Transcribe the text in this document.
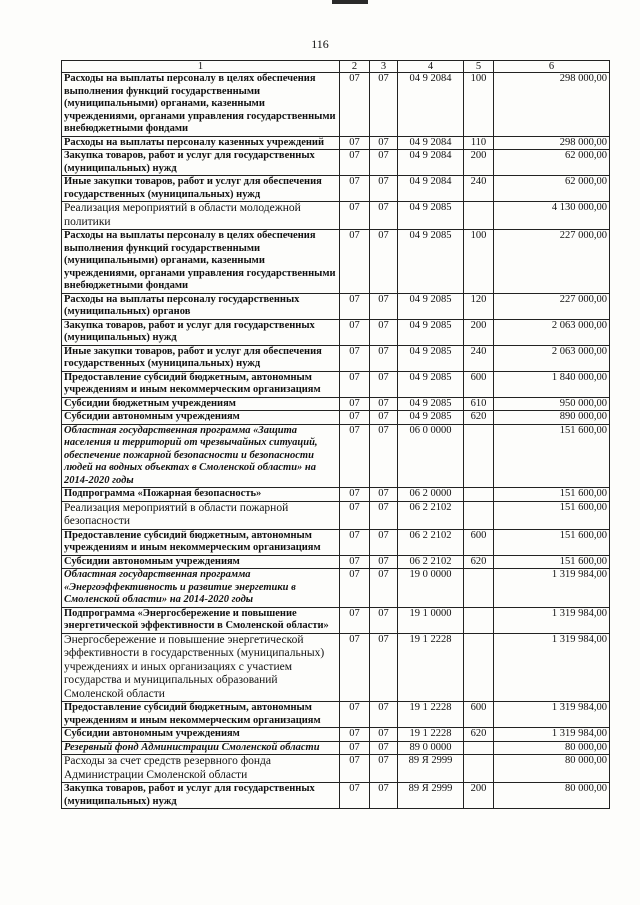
116
1	2	3	4	5	6
Расходы на выплаты персоналу в целях обеспечения выполнения функций государственными (муниципальными) органами, казенными учреждениями, органами управления государственными внебюджетными фондами	07	07	04 9 2084	100	298 000,00
Расходы на выплаты персоналу казенных учреждений	07	07	04 9 2084	110	298 000,00
Закупка товаров, работ и услуг для государственных (муниципальных) нужд	07	07	04 9 2084	200	62 000,00
Иные закупки товаров, работ и услуг для обеспечения государственных (муниципальных) нужд	07	07	04 9 2084	240	62 000,00
Реализация мероприятий в области молодежной политики	07	07	04 9 2085		4 130 000,00
Расходы на выплаты персоналу в целях обеспечения выполнения функций государственными (муниципальными) органами, казенными учреждениями, органами управления государственными внебюджетными фондами	07	07	04 9 2085	100	227 000,00
Расходы на выплаты персоналу государственных (муниципальных) органов	07	07	04 9 2085	120	227 000,00
Закупка товаров, работ и услуг для государственных (муниципальных) нужд	07	07	04 9 2085	200	2 063 000,00
Иные закупки товаров, работ и услуг для обеспечения государственных (муниципальных) нужд	07	07	04 9 2085	240	2 063 000,00
Предоставление субсидий бюджетным, автономным учреждениям и иным некоммерческим организациям	07	07	04 9 2085	600	1 840 000,00
Субсидии бюджетным учреждениям	07	07	04 9 2085	610	950 000,00
Субсидии автономным учреждениям	07	07	04 9 2085	620	890 000,00
Областная государственная программа «Защита населения и территорий от чрезвычайных ситуаций, обеспечение пожарной безопасности и безопасности людей на водных объектах в Смоленской области» на 2014-2020 годы	07	07	06 0 0000		151 600,00
Подпрограмма «Пожарная безопасность»	07	07	06 2 0000		151 600,00
Реализация мероприятий в области пожарной безопасности	07	07	06 2 2102		151 600,00
Предоставление субсидий бюджетным, автономным учреждениям и иным некоммерческим организациям	07	07	06 2 2102	600	151 600,00
Субсидии автономным учреждениям	07	07	06 2 2102	620	151 600,00
Областная государственная программа «Энергоэффективность и развитие энергетики в Смоленской области» на 2014-2020 годы	07	07	19 0 0000		1 319 984,00
Подпрограмма «Энергосбережение и повышение энергетической эффективности в Смоленской области»	07	07	19 1 0000		1 319 984,00
Энергосбережение и повышение энергетической эффективности в государственных (муниципальных) учреждениях и иных организациях с участием государства и муниципальных образований Смоленской области	07	07	19 1 2228		1 319 984,00
Предоставление субсидий бюджетным, автономным учреждениям и иным некоммерческим организациям	07	07	19 1 2228	600	1 319 984,00
Субсидии автономным учреждениям	07	07	19 1 2228	620	1 319 984,00
Резервный фонд Администрации Смоленской области	07	07	89 0 0000		80 000,00
Расходы за счет средств резервного фонда Администрации Смоленской области	07	07	89 Я 2999		80 000,00
Закупка товаров, работ и услуг для государственных (муниципальных) нужд	07	07	89 Я 2999	200	80 000,00
